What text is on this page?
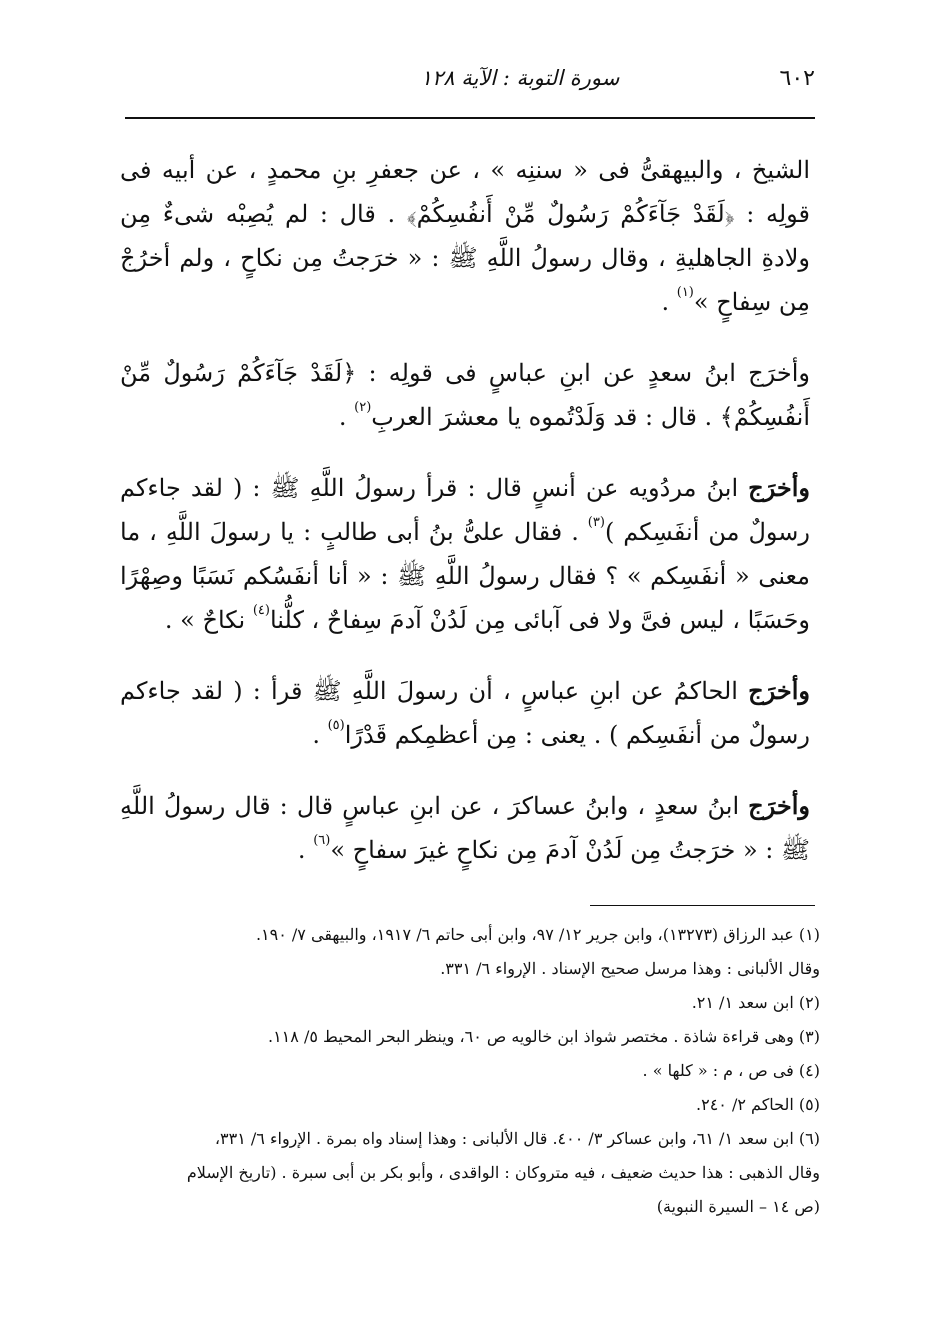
٦٠٢
سورة التوبة : الآية ١٢٨

الشيخ ، والبيهقىُّ فى « سننِه » ، عن جعفرِ بنِ محمدٍ ، عن أبيه فى قولِه : ﴿لَقَدْ جَآءَكُمْ رَسُولٌ مِّنْ أَنفُسِكُمْ﴾ . قال : لم يُصِبْه شىءٌ مِن ولادةِ الجاهليةِ ، وقال رسولُ اللَّهِ ﷺ : « خرَجتُ مِن نكاحٍ ، ولم أخرُجْ مِن سِفاحٍ »$^{(١)}$ .

وأخرَج ابنُ سعدٍ عن ابنِ عباسٍ فى قولِه : ﴿لَقَدْ جَآءَكُمْ رَسُولٌ مِّنْ أَنفُسِكُمْ﴾ . قال : قد وَلَدْتُموه يا معشرَ العربِ$^{(٢)}$ .

وأخرَج ابنُ مردُويه عن أنسٍ قال : قرأ رسولُ اللَّهِ ﷺ : ( لقد جاءكم رسولٌ من أنفَسِكم )$^{(٣)}$ . فقال علىُّ بنُ أبى طالبٍ : يا رسولَ اللَّهِ ، ما معنى « أنفَسِكم » ؟ فقال رسولُ اللَّهِ ﷺ : « أنا أنفَسُكم نَسَبًا وصِهْرًا وحَسَبًا ، ليس فىَّ ولا فى آبائى مِن لَدُنْ آدمَ سِفاحٌ ، كلُّنا$^{(٤)}$ نكاحٌ » .

وأخرَج الحاكمُ عن ابنِ عباسٍ ، أن رسولَ اللَّهِ ﷺ قرأ : ( لقد جاءكم رسولٌ من أنفَسِكم ) . يعنى : مِن أعظمِكم قَدْرًا$^{(٥)}$ .

وأخرَج ابنُ سعدٍ ، وابنُ عساكرَ ، عن ابنِ عباسٍ قال : قال رسولُ اللَّهِ ﷺ : « خرَجتُ مِن لَدُنْ آدمَ مِن نكاحٍ غيرَ سفاحٍ »$^{(٦)}$ .

(١) عبد الرزاق (١٣٢٧٣)، وابن جرير ١٢/ ٩٧، وابن أبى حاتم ٦/ ١٩١٧، والبيهقى ٧/ ١٩٠.

وقال الألبانى : وهذا مرسل صحيح الإسناد . الإرواء ٦/ ٣٣١.

(٢) ابن سعد ١/ ٢١.

(٣) وهى قراءة شاذة . مختصر شواذ ابن خالويه ص ٦٠، وينظر البحر المحيط ٥/ ١١٨.

(٤) فى ص ، م : « كلها » .

(٥) الحاكم ٢/ ٢٤٠.

(٦) ابن سعد ١/ ٦١، وابن عساكر ٣/ ٤٠٠. قال الألبانى : وهذا إسناد واه بمرة . الإرواء ٦/ ٣٣١،

وقال الذهبى : هذا حديث ضعيف ، فيه متروكان : الواقدى ، وأبو بكر بن أبى سبرة . (تاريخ الإسلام

(ص ١٤ – السيرة النبوية)
